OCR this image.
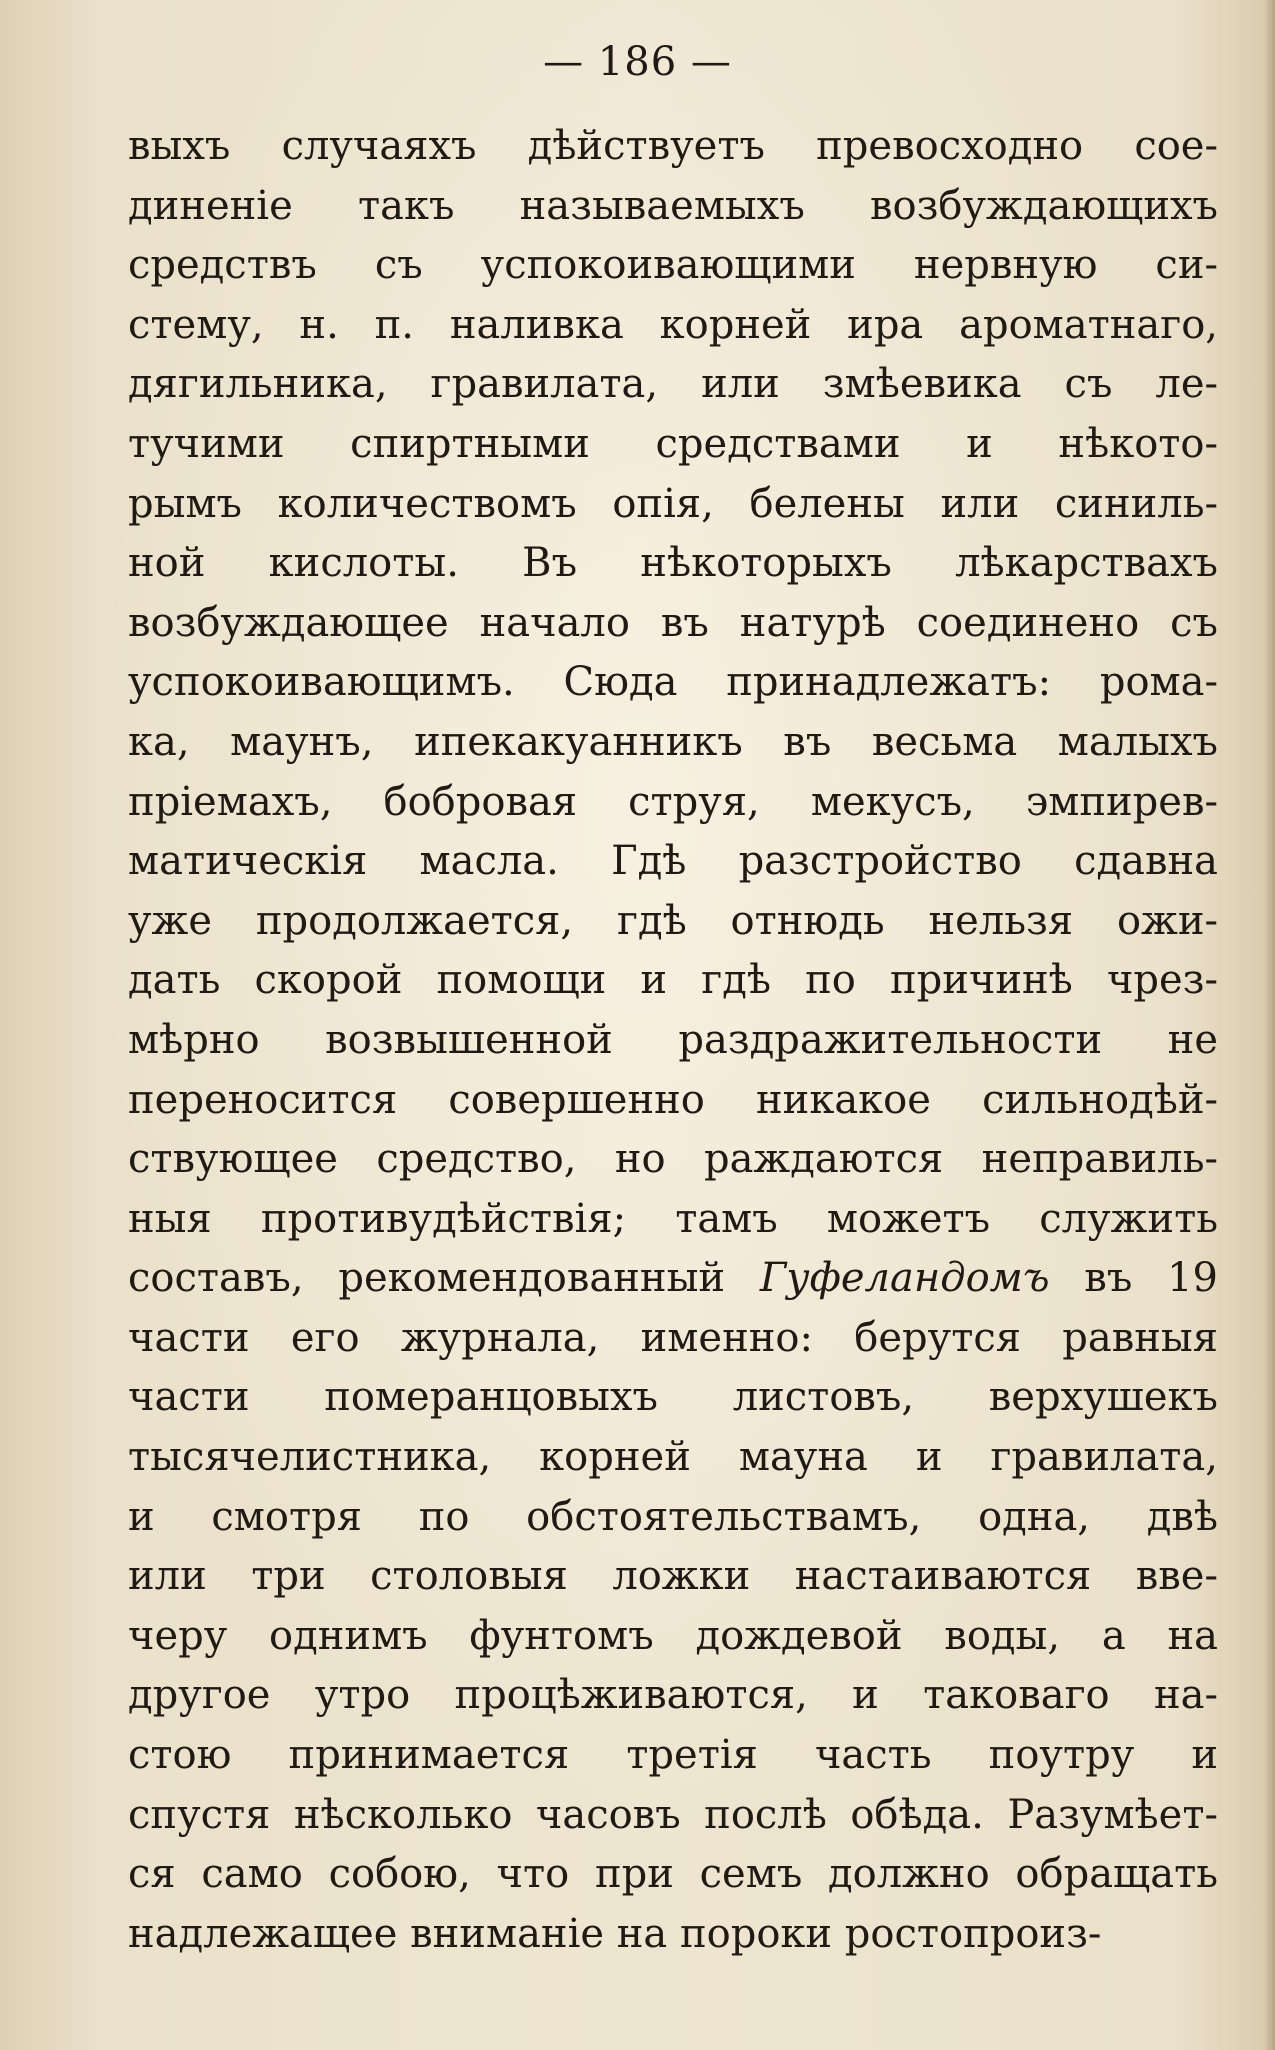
— 186 —
выхъ случаяхъ дѣйствуетъ превосходно сое-
диненіе такъ называемыхъ возбуждающихъ
средствъ съ успокоивающими нервную си-
стему, н. п. наливка корней ира ароматнаго,
дягильника, гравилата, или змѣевика съ ле-
тучими спиртными средствами и нѣкото-
рымъ количествомъ опія, белены или синиль-
ной кислоты. Въ нѣкоторыхъ лѣкарствахъ
возбуждающее начало въ натурѣ соединено съ
успокоивающимъ. Сюда принадлежатъ: рома-
ка, маунъ, ипекакуанникъ въ весьма малыхъ
пріемахъ, бобровая струя, мекусъ, эмпирев-
матическія масла. Гдѣ разстройство сдавна
уже продолжается, гдѣ отнюдь нельзя ожи-
дать скорой помощи и гдѣ по причинѣ чрез-
мѣрно возвышенной раздражительности не
переносится совершенно никакое сильнодѣй-
ствующее средство, но раждаются неправиль-
ныя противудѣйствія; тамъ можетъ служить
составъ, рекомендованный Гуфеландомъ въ 19
части его журнала, именно: берутся равныя
части померанцовыхъ листовъ, верхушекъ
тысячелистника, корней мауна и гравилата,
и смотря по обстоятельствамъ, одна, двѣ
или три столовыя ложки настаиваются вве-
черу однимъ фунтомъ дождевой воды, а на
другое утро процѣживаются, и таковаго на-
стою принимается третія часть поутру и
спустя нѣсколько часовъ послѣ обѣда. Разумѣет-
ся само собою, что при семъ должно обращать
надлежащее вниманіе на пороки ростопроиз-
